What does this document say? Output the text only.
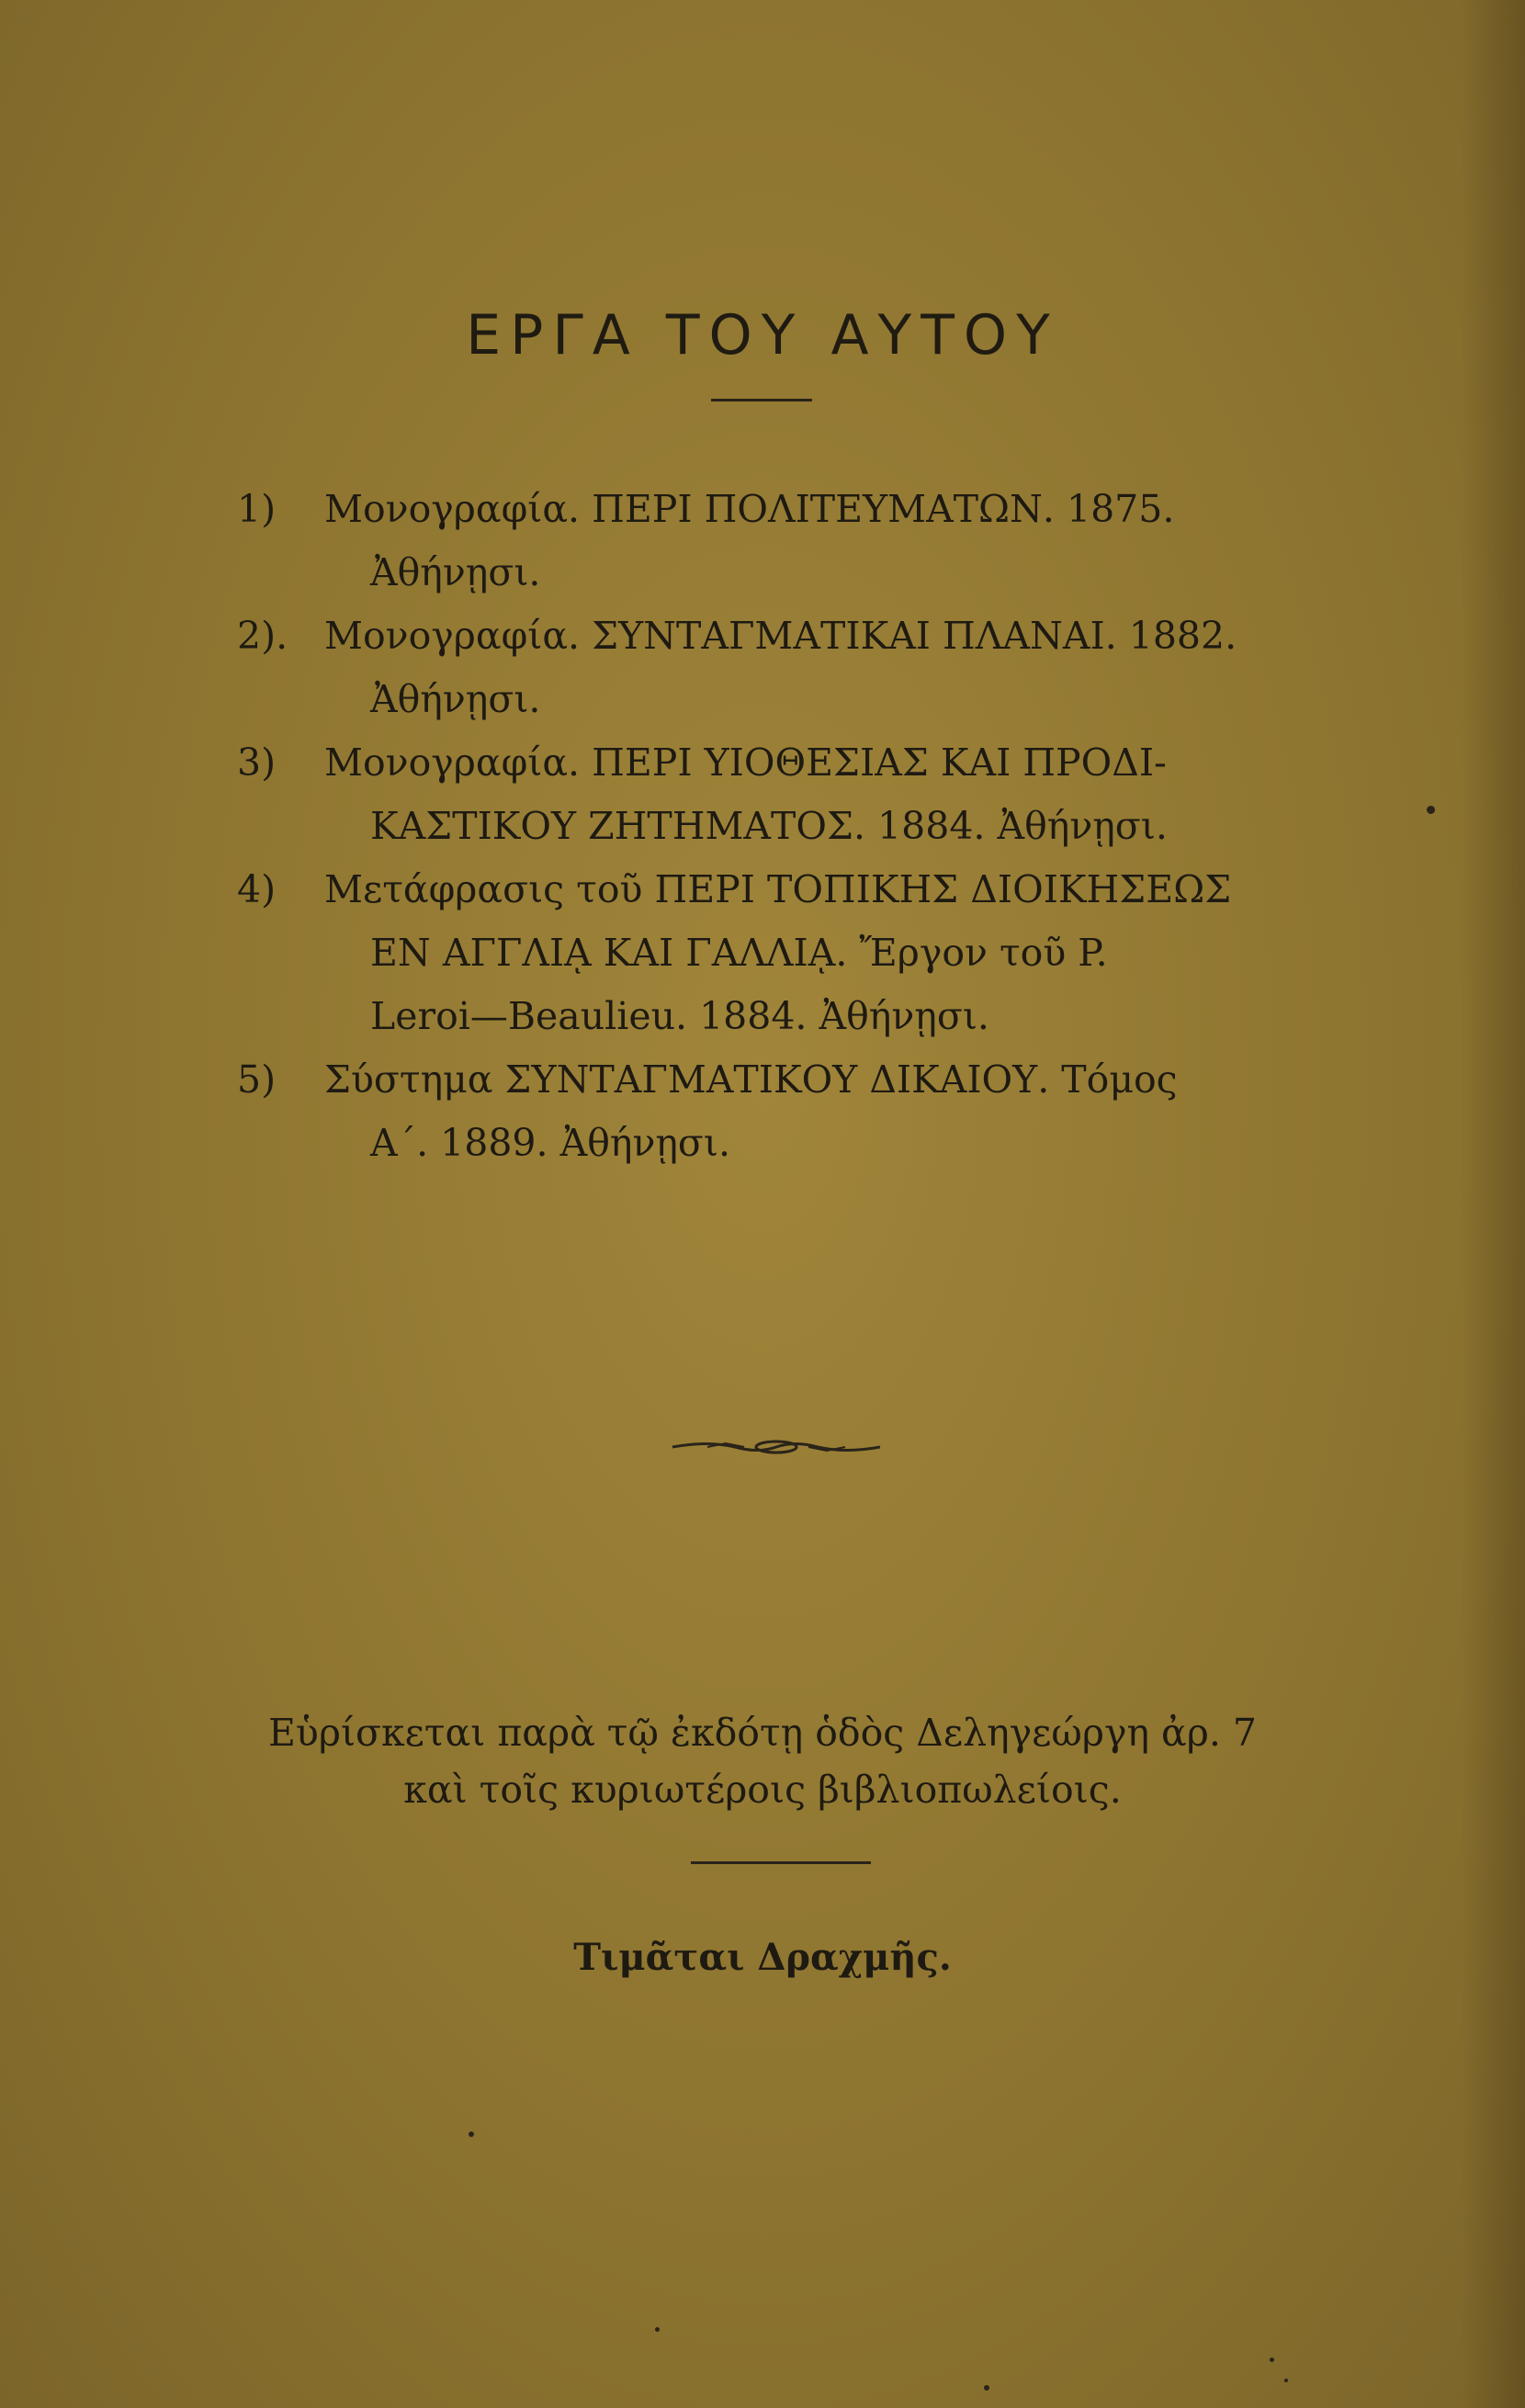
ΕΡΓΑ ΤΟΥ ΑΥΤΟΥ
1)	Μονογραφία. ΠΕΡΙ ΠΟΛΙΤΕΥΜΑΤΩΝ. 1875.
Ἀθήνῃσι.
2). Μονογραφία. ΣΥΝΤΑΓΜΑΤΙΚΑΙ ΠΛΑΝΑΙ. 1882.
Ἀθήνῃσι.
3)	Μονογραφία. ΠΕΡΙ ΥΙΟΘΕΣΙΑΣ ΚΑΙ ΠΡΟΔΙ-
ΚΑΣΤΙΚΟΥ ΖΗΤΗΜΑΤΟΣ. 1884. Ἀθήνῃσι.
4)	Μετάφρασις τοῦ ΠΕΡΙ ΤΟΠΙΚΗΣ ΔΙΟΙΚΗΣΕΩΣ
ΕΝ ΑΓΓΛΙᾼ ΚΑΙ ΓΑΛΛΙᾼ. Ἔργον τοῦ P.
Leroi—Beaulieu. 1884. Ἀθήνῃσι.
5)	Σύστημα ΣΥΝΤΑΓΜΑΤΙΚΟΥ ΔΙΚΑΙΟΥ. Τόμος
Α΄. 1889. Ἀθήνῃσι.
Εὑρίσκεται παρὰ τῷ ἐκδότῃ ὁδὸς Δεληγεώργη ἀρ. 7
καὶ τοῖς κυριωτέροις βιβλιοπωλείοις.
Τιμᾶται Δραχμῆς.
